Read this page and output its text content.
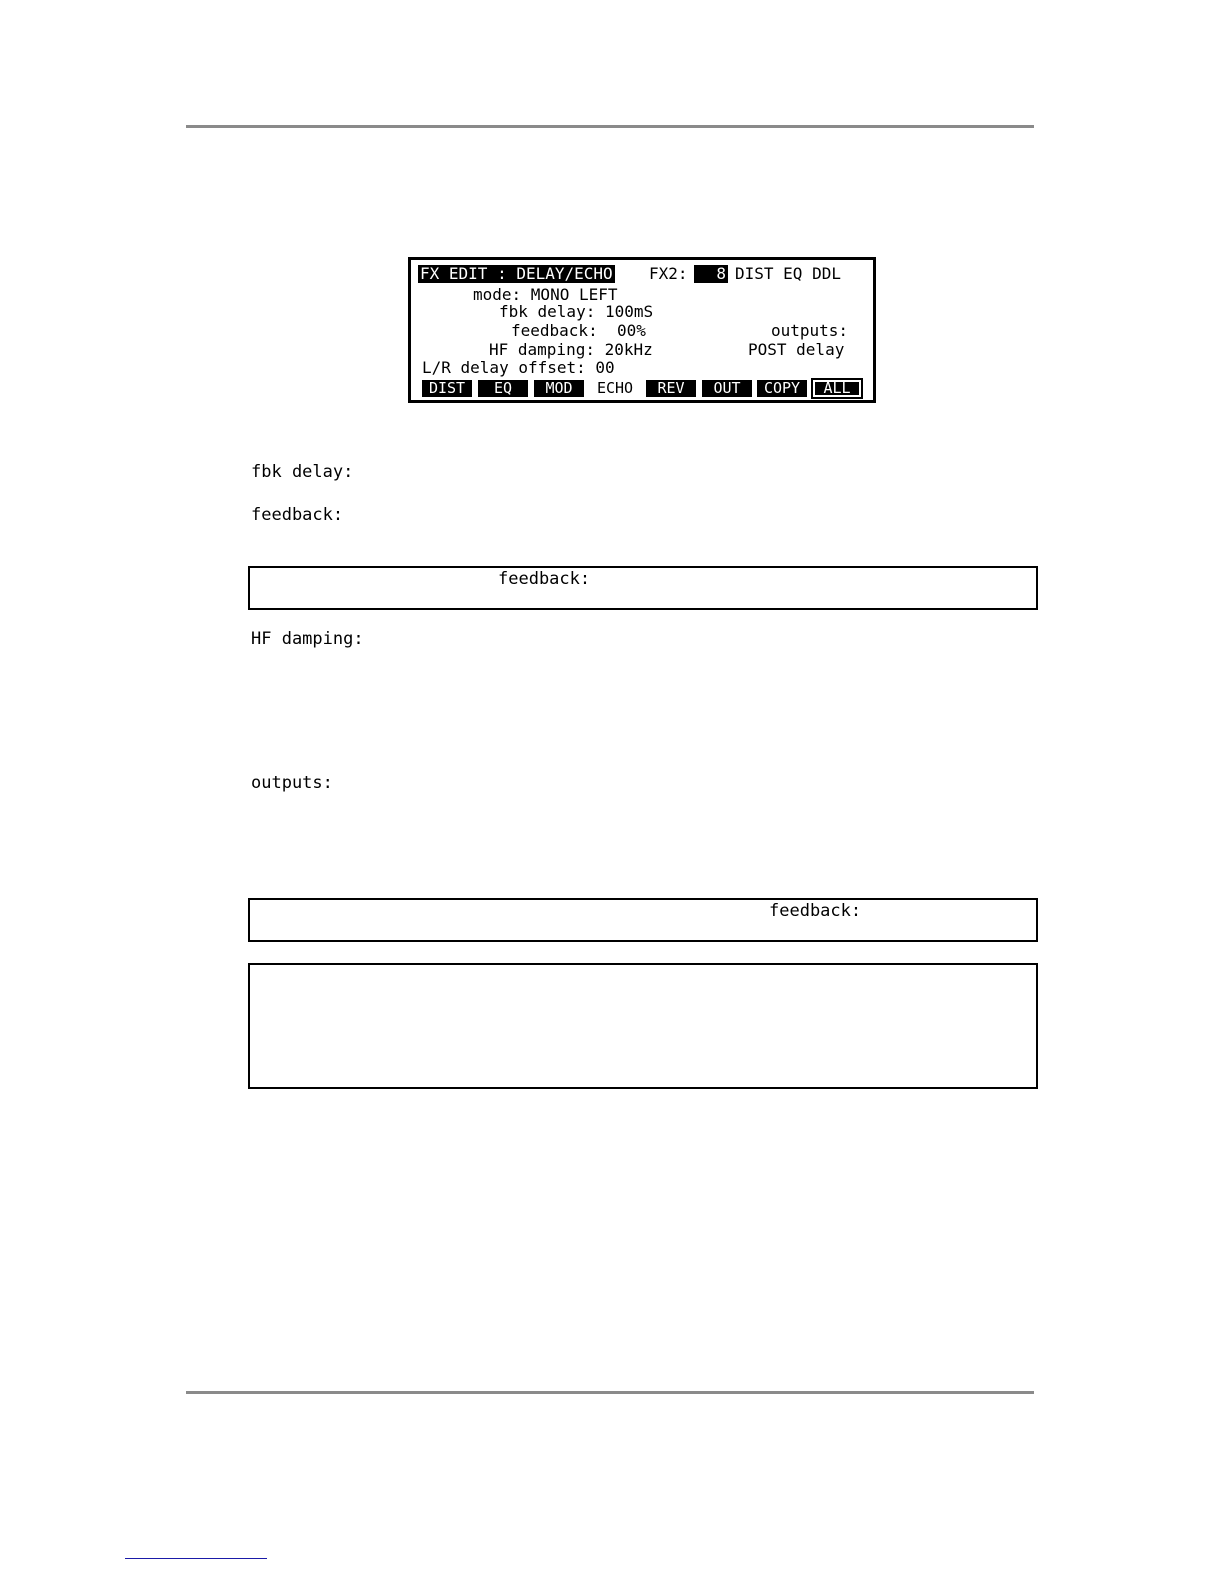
FX EDIT : DELAY/ECHO FX2:	8 DIST EQ DDL
mode: MONO LEFT
fbk delay: 100mS
feedback:  00%	outputs:
HF damping: 20kHz	POST delay
L/R delay offset: 00
DIST	EQ	MOD	ECHO	REV	OUT	COPY	ALL
fbk delay:
feedback:
feedback:
HF damping:
outputs:
feedback:
